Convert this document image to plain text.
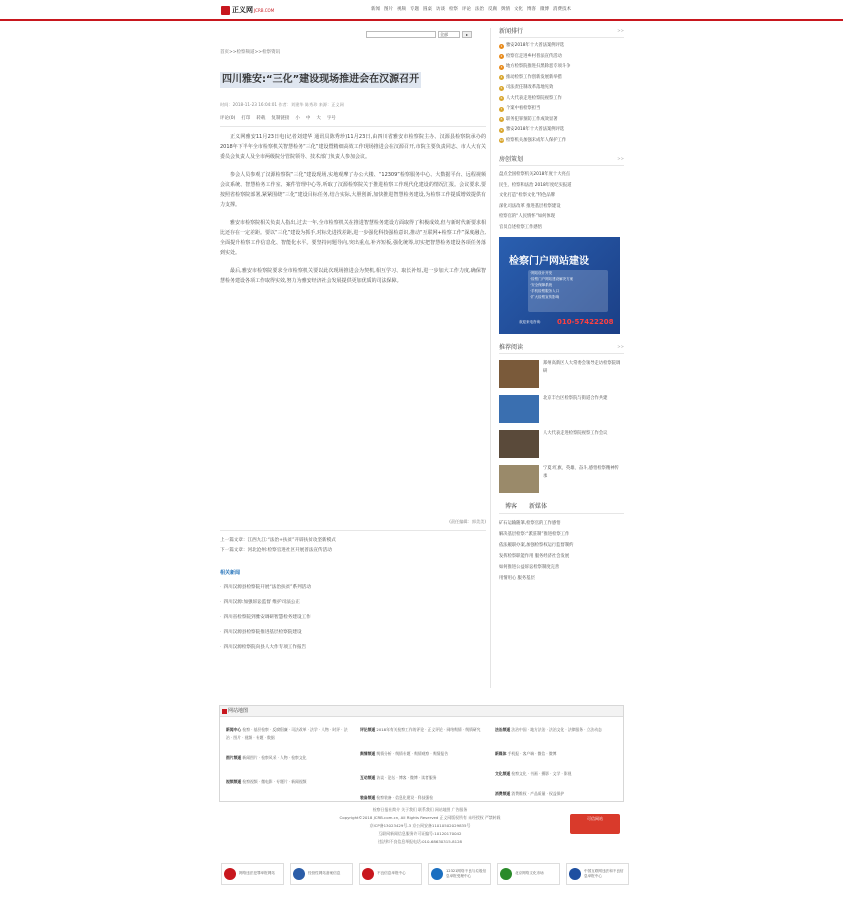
正义网 JCRB.COM	新闻 图片 视频 专题 圆桌 访谈 检察 评论 法治 反腐 舆情 文化 博客 微博 消费技术
全部	▸
首页>>检察频道>>检察资讯
四川雅安:“三化”建设现场推进会在汉源召开
时间：2018-11-23 16:04:01 作者：刘建华 陈秀珍 来源：正义网
评论(0) 打印 转载 复制链接 小 中 大 字号

正义网雅安11月23日电(记者刘建华 通讯员陈秀珍)11月23日,由四川省雅安市检察院主办、汉源县检察院承办的2018年下半年全市检察机关智慧检务“三化”建设暨精细高效工作现场推进会在汉源召开,市院主要负责同志、市人大有关委员会负责人及全市两级院分管院领导、技术部门负责人参加会议。

参会人员参观了汉源检察院“三化”建设现场,实地观摩了办公大楼、“12309”检察服务中心、大数据平台、远程视频会议系统、智慧检务工作室、案件管理中心等,听取了汉源检察院关于推进检察工作现代化建设的情况汇报。会议要求,要按照省检察院部署,紧紧围绕“三化”建设目标任务,结合实际,大胆创新,加快推进智慧检务建设,为检察工作提质增效提供有力支撑。

雅安市检察院相关负责人指出,过去一年,全市检察机关在推进智慧检务建设方面取得了积极成效,但与新时代新要求相比还存在一定差距。要以“三化”建设为抓手,对标先进找差距,进一步强化科技强检意识,推动“互联网+检察工作”深度融合,全面提升检察工作信息化、智能化水平。要坚持问题导向,突出重点,补齐短板,强化统筹,切实把智慧检务建设各项任务落到实处。

最后,雅安市检察院要求全市检察机关要以此次现场推进会为契机,相互学习、取长补短,进一步加大工作力度,确保智慧检务建设各项工作取得实效,努力为雅安经济社会发展提供更加优质的司法保障。

(责任编辑：郭美美)
上一篇文章：江西九江:“法治+扶贫”开辟扶贫攻坚新模式
下一篇文章：河北沧州:检察官进社区开展普法宣传活动
相关新闻
· 四川汉源县检察院开展“法治扶贫”系列活动
· 四川汉源:加强诉讼监督 维护司法公正
· 四川省检察院到雅安调研智慧检务建设工作
· 四川汉源县检察院推进基层检察院建设
· 四川汉源检察院向县人大作专项工作报告
新闻排行	>>
1 雅安2018年十大普法案例评选
2 检察官走进乡村普法宣传活动
3 地方检察院推进扫黑除恶专项斗争
4 推动检察工作创新发展新举措
5 司法责任制改革落地见效
6 人大代表走进检察院视察工作
7 个案中看检察担当
8 职务犯罪预防工作成效显著
9 雅安2018年十大普法案例评选
10 检察机关加强未成年人保护工作
房创策划	>>
盘点全国检察机关2018年度十大亮点
民生、检察和法治 2018年度纪实报道
文化打造“检察文化”特色品牌
深化司法改革 推进基层检察建设
检察官的“人民情怀”如何体现
官员自述检察工作感悟
检察门户网站建设
·网站设计开发
·检察门户网站建设解决方案
·安全保障系统
·手机检察服务入口
·扩大检察宣传影响
欢迎来电咨询： 010-57422208
推荐阅读	>>
郑州高新区人大常委会领导走访检察院调研
北京丰台区检察院与街道合作共建
人大代表走进检察院视察工作会议
宁夏:红旗、英雄、奋斗,感悟检察精神传承
博客 新媒体
矿石运输随筆,检察官的工作感悟
解决基层检察:“派驻制”推进检察工作
依法履职办案,加强检察权运行监督制约
发挥检察职能作用 服务经济社会发展
如何推进公益诉讼检察制度完善
用情用心 服务基层
网站地图
新闻中心 检察 · 基层检察 · 反腐倡廉 · 司法改革 · 法学 · 人物 · 时评 · 法治 · 图片 · 视频 · 专题 · 数据
评论频道 2018年有关检察工作的评论 · 正义评论 · 网络舆情 · 舆情研究
舆情频道 舆情分析 · 舆情专题 · 舆情观察 · 舆情报告
法治频道 法治中国 · 地方法治 · 法治文化 · 法律服务 · 立法动态
图片频道 新闻图片 · 检察风采 · 人物 · 检察文化
互动频道 访谈 · 论坛 · 博客 · 微博 · 读者服务
新媒体 手机报 · 客户端 · 微信 · 微博
文化频道 检察文化 · 书画 · 摄影 · 文学 · 影视
视频频道 检察视频 · 微电影 · 专题片 · 新闻视频
消费频道 消费维权 · 产品质量 · 权益保护
装备频道 检察装备 · 信息化建设 · 科技强检
检察日报社简介 关于我们 联系我们 网站地图 广告服务
Copyright©2018 JCRB.com.cn, All Rights Reserved 正义网版权所有 未经授权 严禁转载
京ICP备13023429号-3 京公网安备11010502029835号
互联网新闻信息服务许可证编号:10120170042
违法和不良信息举报电话:010-68630315-8128
可信网站
网络违法犯罪举报网站	经营性网站备案信息	不良信息举报中心
12321网络不良与垃圾信息举报受理中心
北京网络文化市场
中国互联网违法和不良信息举报中心
